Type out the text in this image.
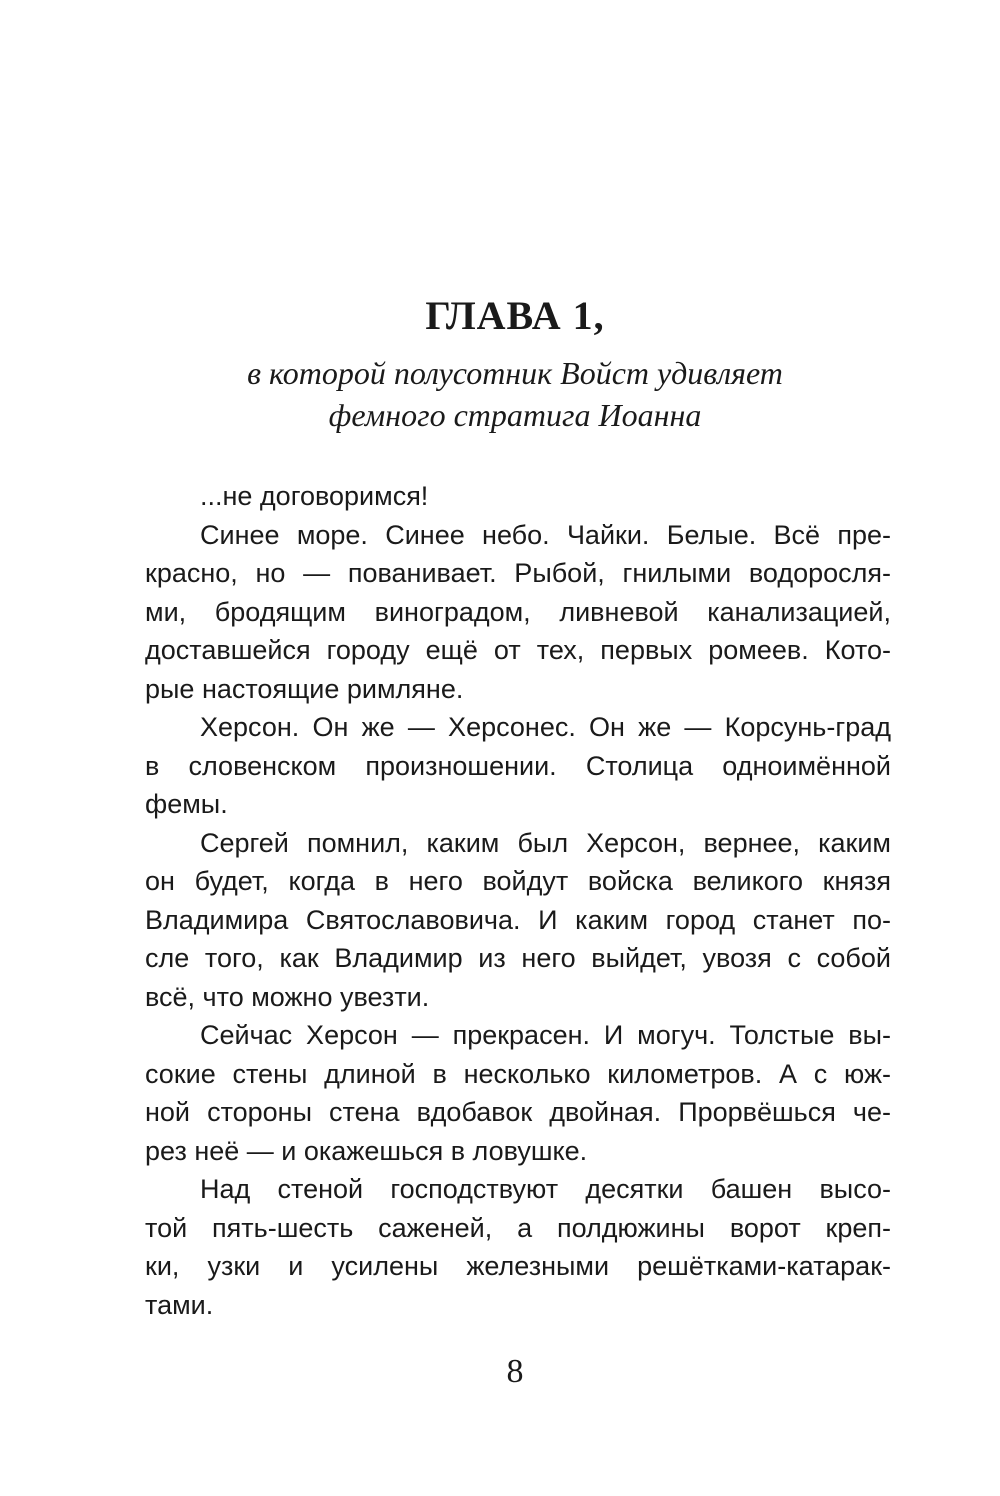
ГЛАВА 1,
в которой полусотник Войст удивляет
фемного стратига Иоанна
...не договоримся!
Синее море. Синее небо. Чайки. Белые. Всё пре-
красно, но — пованивает. Рыбой, гнилыми водоросля-
ми, бродящим виноградом, ливневой канализацией,
доставшейся городу ещё от тех, первых ромеев. Кото-
рые настоящие римляне.
Херсон. Он же — Херсонес. Он же — Корсунь-град
в словенском произношении. Столица одноимённой
фемы.
Сергей помнил, каким был Херсон, вернее, каким
он будет, когда в него войдут войска великого князя
Владимира Святославовича. И каким город станет по-
сле того, как Владимир из него выйдет, увозя с собой
всё, что можно увезти.
Сейчас Херсон — прекрасен. И могуч. Толстые вы-
сокие стены длиной в несколько километров. А с юж-
ной стороны стена вдобавок двойная. Прорвёшься че-
рез неё — и окажешься в ловушке.
Над стеной господствуют десятки башен высо-
той пять-шесть саженей, а полдюжины ворот креп-
ки, узки и усилены железными решётками-катарак-
тами.
8
